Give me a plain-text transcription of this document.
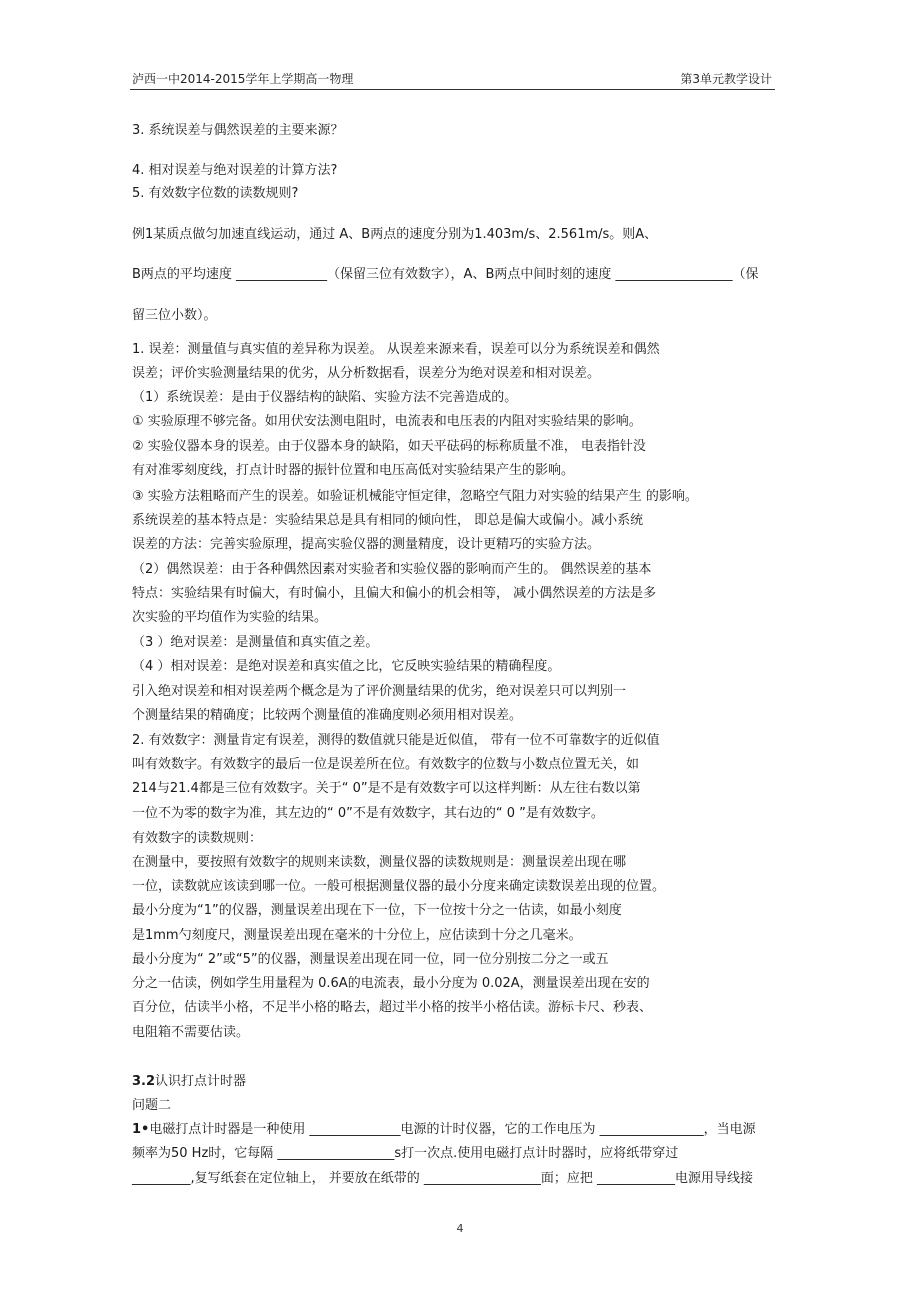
泸西一中2014-2015学年上学期高一物理	第3单元教学设计
3. 系统误差与偶然误差的主要来源？
4. 相对误差与绝对误差的计算方法?
5. 有效数字位数的读数规则?
例1某质点做匀加速直线运动，通过 A、B两点的速度分别为1.403m/s、2.561m/s。则A、
B两点的平均速度 ______________（保留三位有效数字），A、B两点中间时刻的速度 __________________（保
留三位小数）。
1. 误差：测量值与真实值的差异称为误差。 从误差来源来看，误差可以分为系统误差和偶然
误差；评价实验测量结果的优劣，从分析数据看，误差分为绝对误差和相对误差。
（1）系统误差：是由于仪器结构的缺陷、实验方法不完善造成的。
① 实验原理不够完备。如用伏安法测电阻时，电流表和电压表的内阻对实验结果的影响。
② 实验仪器本身的误差。由于仪器本身的缺陷，如天平砝码的标称质量不准， 电表指针没
有对准零刻度线，打点计时器的振针位置和电压高低对实验结果产生的影响。
③ 实验方法粗略而产生的误差。如验证机械能守恒定律，忽略空气阻力对实验的结果产生 的影响。
系统误差的基本特点是：实验结果总是具有相同的倾向性， 即总是偏大或偏小。减小系统
误差的方法：完善实验原理，提高实验仪器的测量精度，设计更精巧的实验方法。
（2）偶然误差：由于各种偶然因素对实验者和实验仪器的影响而产生的。 偶然误差的基本
特点：实验结果有时偏大，有时偏小，且偏大和偏小的机会相等， 减小偶然误差的方法是多
次实验的平均值作为实验的结果。
（3 ）绝对误差：是测量值和真实值之差。
（4 ）相对误差：是绝对误差和真实值之比，它反映实验结果的精确程度。
引入绝对误差和相对误差两个概念是为了评价测量结果的优劣，绝对误差只可以判别一
个测量结果的精确度；比较两个测量值的准确度则必须用相对误差。
2. 有效数字：测量肯定有误差，测得的数值就只能是近似值， 带有一位不可靠数字的近似值
叫有效数字。有效数字的最后一位是误差所在位。有效数字的位数与小数点位置无关，如
214与21.4都是三位有效数字。关于“ 0”是不是有效数字可以这样判断：从左往右数以第
一位不为零的数字为准，其左边的“ 0”不是有效数字，其右边的“ 0 ”是有效数字。
有效数字的读数规则：
在测量中，要按照有效数字的规则来读数，测量仪器的读数规则是：测量误差出现在哪
一位，读数就应该读到哪一位。一般可根据测量仪器的最小分度来确定读数误差出现的位置。
最小分度为“1”的仪器，测量误差出现在下一位，下一位按十分之一估读，如最小刻度
是1mm勺刻度尺，测量误差出现在毫米的十分位上，应估读到十分之几毫米。
最小分度为“ 2”或“5”的仪器，测量误差出现在同一位，同一位分别按二分之一或五
分之一估读，例如学生用量程为 0.6A的电流表，最小分度为 0.02A，测量误差出现在安的
百分位，估读半小格，不足半小格的略去，超过半小格的按半小格估读。游标卡尺、秒表、
电阻箱不需要估读。
3.2认识打点计时器
问题二
1•电磁打点计时器是一种使用 ______________电源的计时仪器，它的工作电压为 ________________，当电源
频率为50 Hz时，它每隔 __________________s打一次点.使用电磁打点计时器时，应将纸带穿过
_________,复写纸套在定位轴上， 并要放在纸带的 __________________面；应把 ____________电源用导线接
4
